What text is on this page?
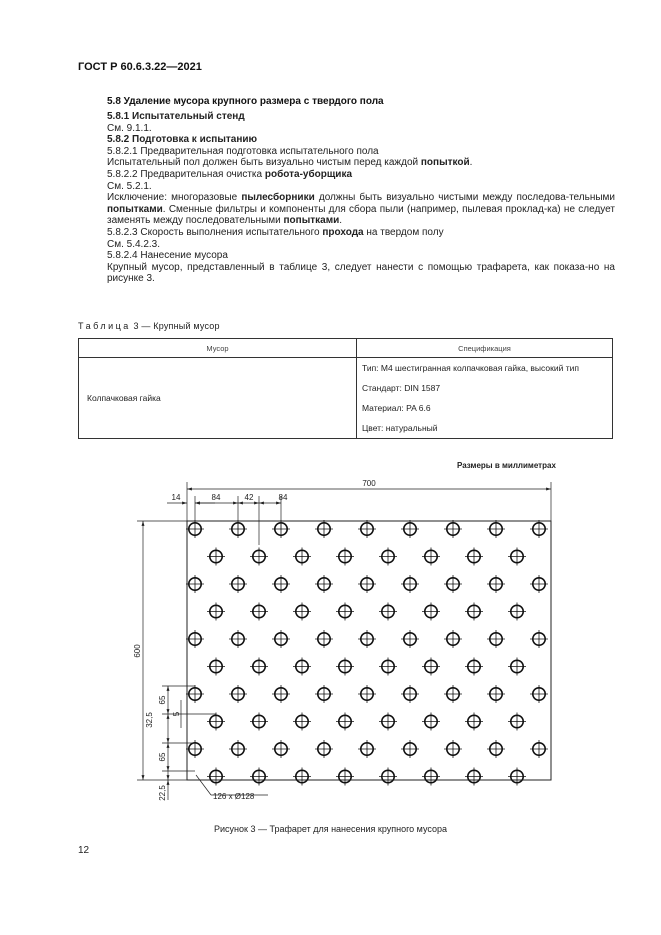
ГОСТ Р 60.6.3.22—2021
5.8 Удаление мусора крупного размера с твердого пола

5.8.1 Испытательный стенд

См. 9.1.1.

5.8.2 Подготовка к испытанию

5.8.2.1 Предварительная подготовка испытательного пола

Испытательный пол должен быть визуально чистым перед каждой попыткой.

5.8.2.2 Предварительная очистка робота-уборщика

См. 5.2.1.

Исключение: многоразовые пылесборники должны быть визуально чистыми между последова-тельными попытками. Сменные фильтры и компоненты для сбора пыли (например, пылевая проклад-ка) не следует заменять между последовательными попытками.

5.8.2.3 Скорость выполнения испытательного прохода на твердом полу

См. 5.4.2.3.

5.8.2.4 Нанесение мусора

Крупный мусор, представленный в таблице 3, следует нанести с помощью трафарета, как показа-но на рисунке 3.

Таблица 3 — Крупный мусор
Мусор	Спецификация
Колпачковая гайка	Тип: M4 шестигранная колпачковая гайка, высокий тип
Стандарт: DIN 1587
Материал: PA 6.6
Цвет: натуральный
Размеры в миллиметрах
700
14	84	42	84
600
65
32,5 5
65
22,5	126 x Ø128
Рисунок 3 — Трафарет для нанесения крупного мусора
12
